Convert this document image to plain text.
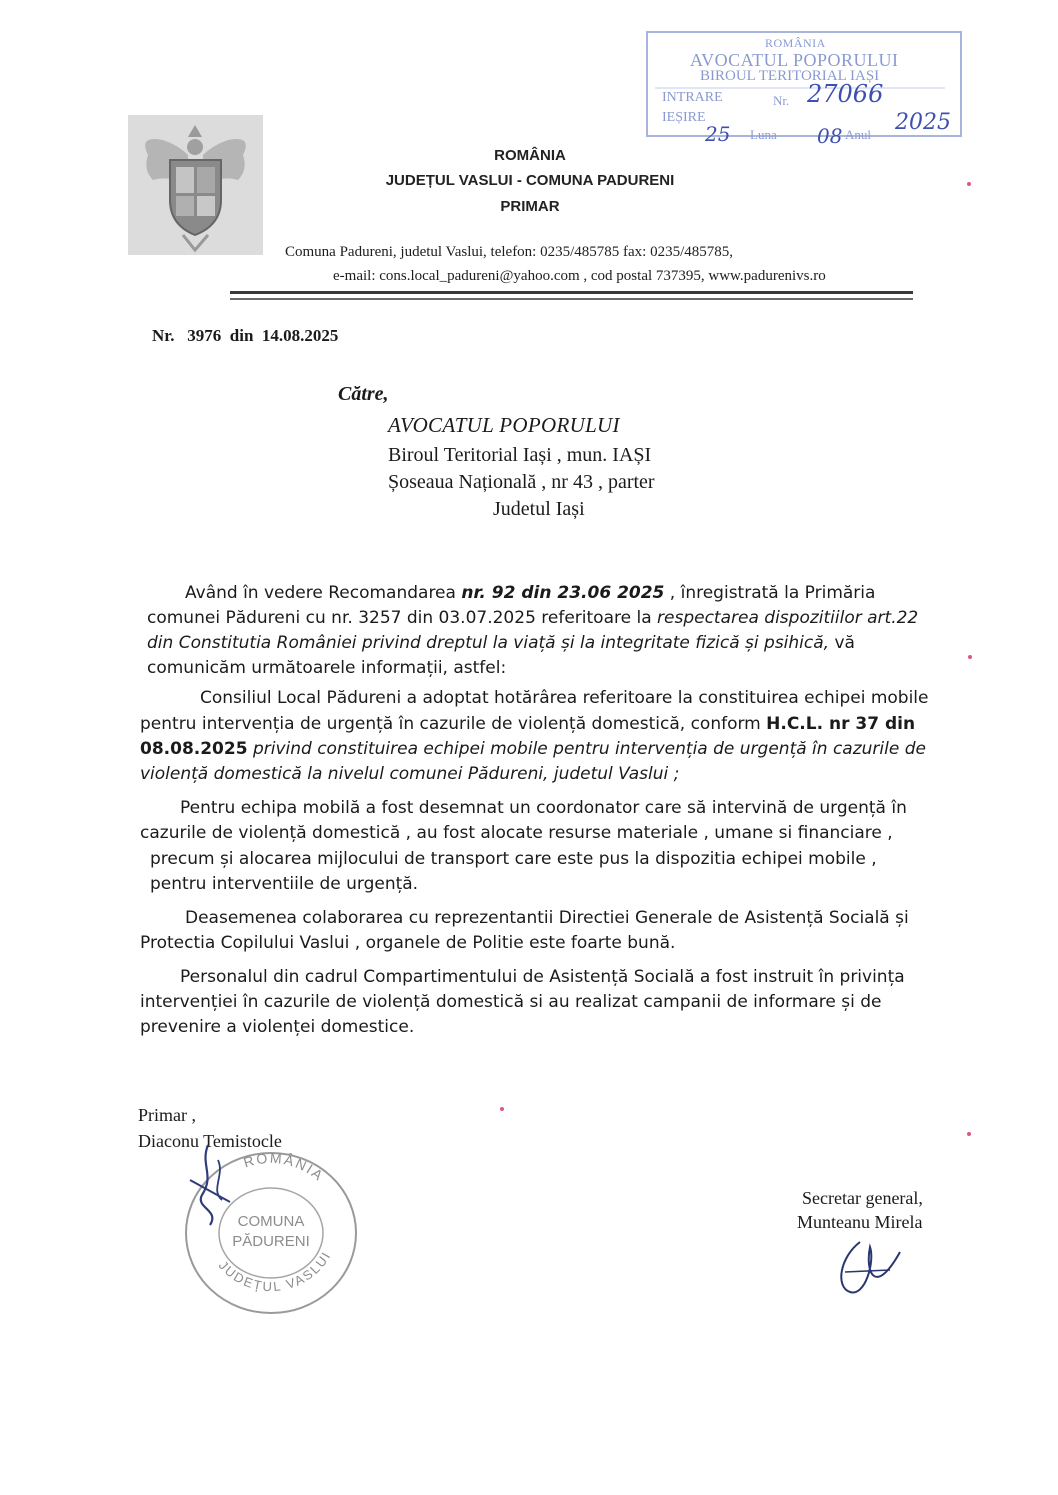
ROMÂNIA
AVOCATUL POPORULUI
BIROUL TERITORIAL IAȘI
INTRARE
IEȘIRE
Nr.
Luna	Anul
27066
25	08
2025
ROMÂNIA
JUDEȚUL VASLUI - COMUNA PADURENI
PRIMAR
Comuna Padureni, judetul Vaslui, telefon: 0235/485785 fax: 0235/485785,
e-mail: cons.local_padureni@yahoo.com , cod postal 737395, www.padurenivs.ro
Nr.   3976  din  14.08.2025
Către,
AVOCATUL POPORULUI
Biroul Teritorial Iași , mun. IAȘI
Șoseaua Națională , nr 43 , parter
Judetul Iași
Având în vedere Recomandarea nr. 92 din 23.06 2025 , înregistrată la Primăria
comunei Pădureni cu nr. 3257 din 03.07.2025 referitoare la respectarea dispozitiilor art.22
din Constitutia României privind dreptul la viață și la integritate fizică și psihică, vă
comunicăm următoarele informații, astfel:
Consiliul Local Pădureni a adoptat hotărârea referitoare la constituirea echipei mobile
pentru intervenția de urgență în cazurile de violență domestică, conform H.C.L. nr 37 din
08.08.2025 privind constituirea echipei mobile pentru intervenția de urgență în cazurile de
violență domestică la nivelul comunei Pădureni, judetul Vaslui ;
Pentru echipa mobilă a fost desemnat un coordonator care să intervină de urgență în
cazurile de violență domestică , au fost alocate resurse materiale , umane si financiare ,
precum și alocarea mijlocului de transport care este pus la dispozitia echipei mobile ,
pentru interventiile de urgență.
Deasemenea colaborarea cu reprezentantii Directiei Generale de Asistență Socială și
Protectia Copilului Vaslui , organele de Politie este foarte bună.
Personalul din cadrul Compartimentului de Asistență Socială a fost instruit în privința
intervenției în cazurile de violență domestică si au realizat campanii de informare și de
prevenire a violenței domestice.
Primar ,
Diaconu Temistocle
Secretar general,
Munteanu Mirela
ROMÂNIA
JUDEȚUL VASLUI
COMUNA
PĂDURENI
